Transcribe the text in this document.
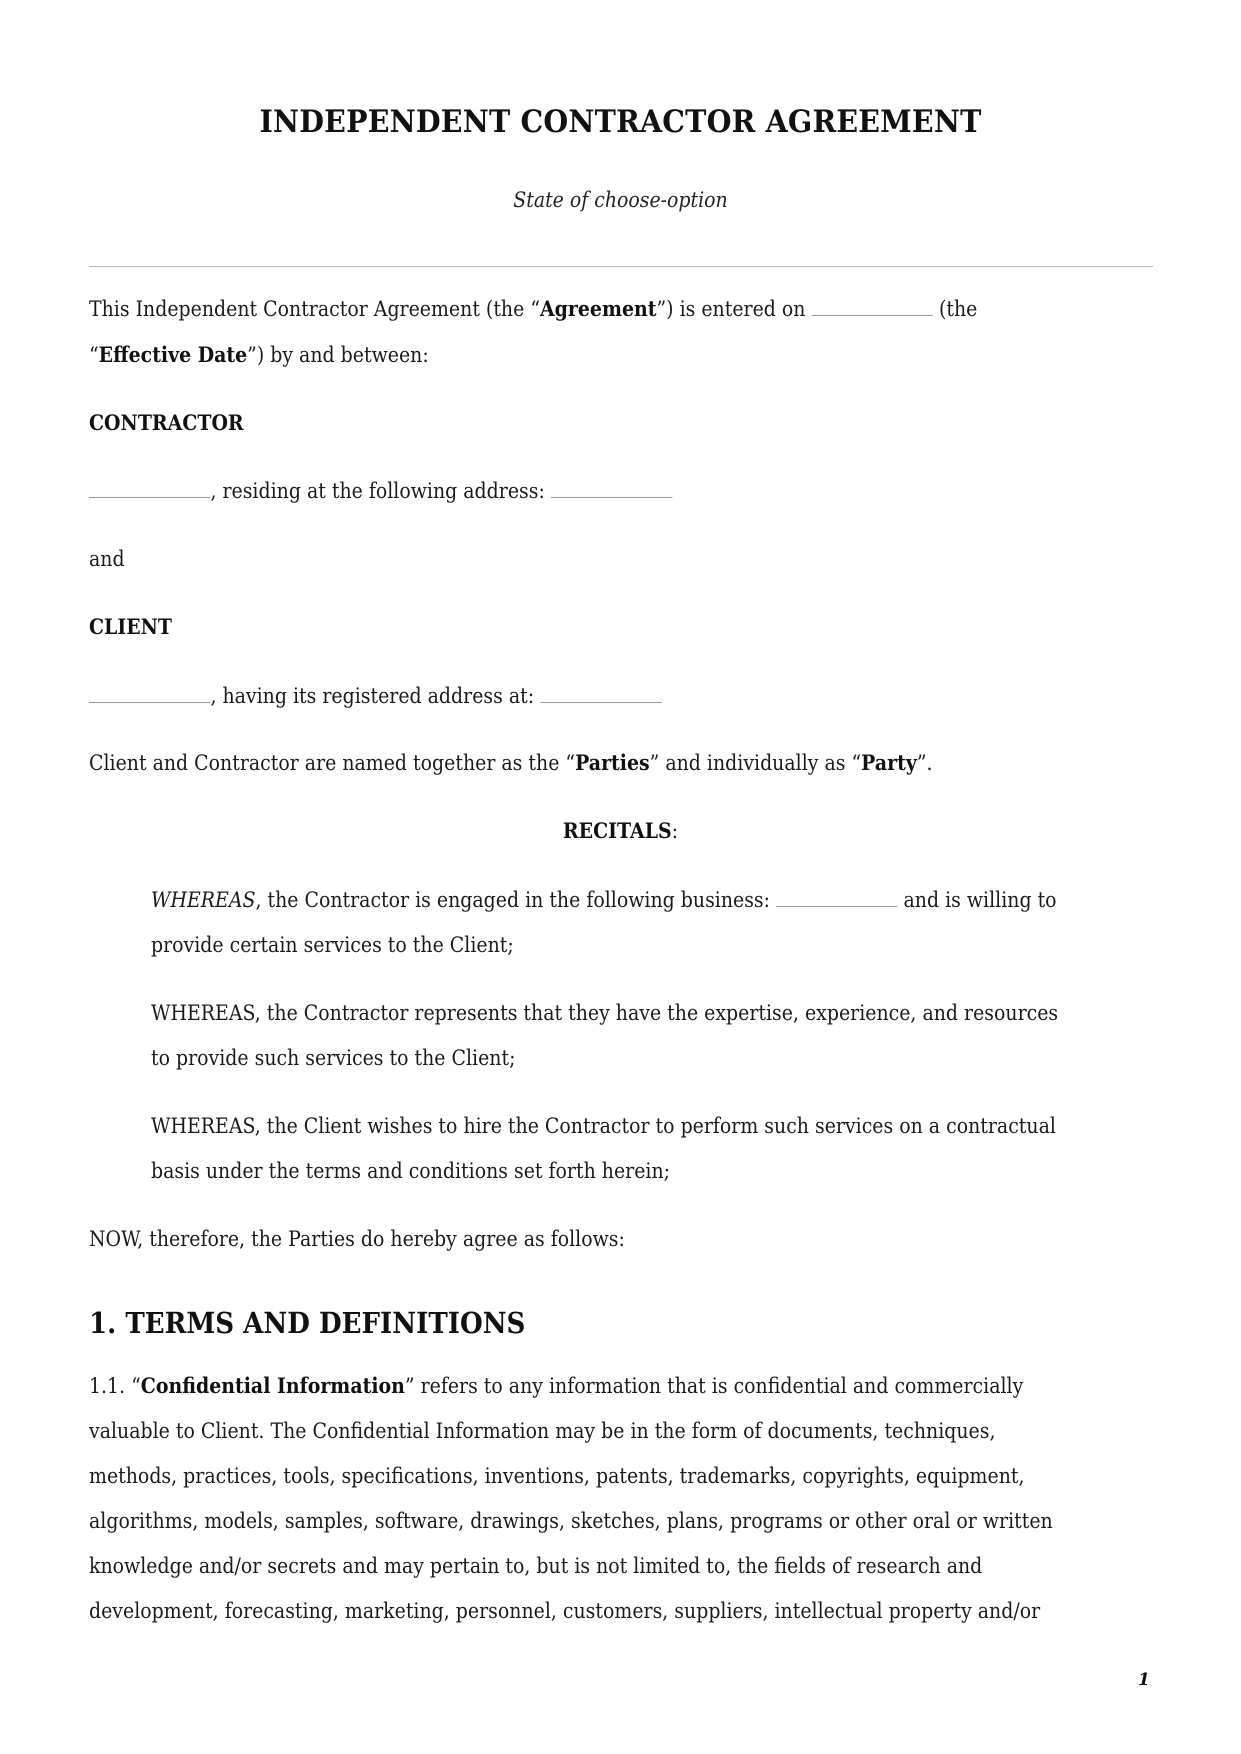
INDEPENDENT CONTRACTOR AGREEMENT
State of choose-option
This Independent Contractor Agreement (the “Agreement”) is entered on	(the
“Effective Date”) by and between:
CONTRACTOR
, residing at the following address:
and
CLIENT
, having its registered address at:
Client and Contractor are named together as the “Parties” and individually as “Party”.
RECITALS:
WHEREAS, the Contractor is engaged in the following business:	and is willing to
provide certain services to the Client;
WHEREAS, the Contractor represents that they have the expertise, experience, and resources
to provide such services to the Client;
WHEREAS, the Client wishes to hire the Contractor to perform such services on a contractual
basis under the terms and conditions set forth herein;
NOW, therefore, the Parties do hereby agree as follows:
1. TERMS AND DEFINITIONS
1.1. “Confidential Information” refers to any information that is confidential and commercially
valuable to Client. The Confidential Information may be in the form of documents, techniques,
methods, practices, tools, specifications, inventions, patents, trademarks, copyrights, equipment,
algorithms, models, samples, software, drawings, sketches, plans, programs or other oral or written
knowledge and/or secrets and may pertain to, but is not limited to, the fields of research and
development, forecasting, marketing, personnel, customers, suppliers, intellectual property and/or
1
